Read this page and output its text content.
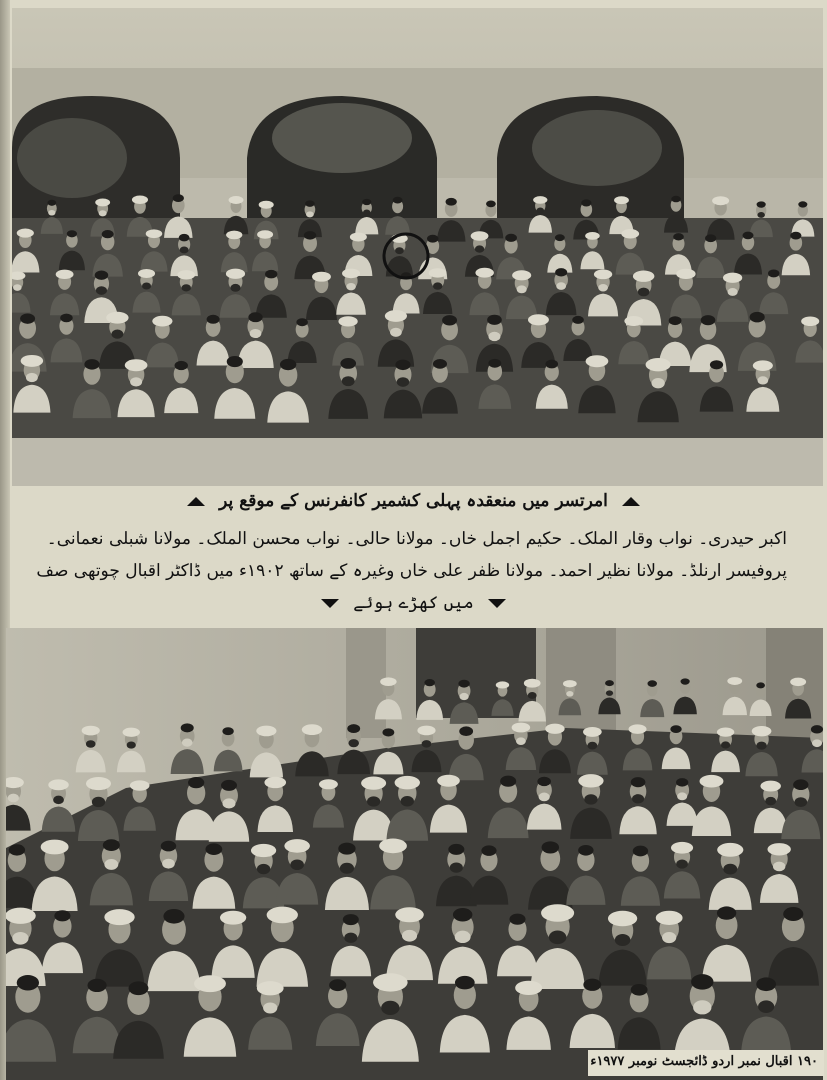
امرتسر میں منعقدہ پہلی کشمیر کانفرنس کے موقع پر
اکبر حیدری۔ نواب وقار الملک۔ حکیم اجمل خاں۔ مولانا حالی۔ نواب محسن الملک۔ مولانا شبلی نعمانی۔
پروفیسر ارنلڈ۔ مولانا نظیر احمد۔ مولانا ظفر علی خاں وغیرہ کے ساتھ ۱۹۰۲ء میں ڈاکٹر اقبال چوتھی صف
میں کھڑے ہوئے
۱۹۰ اقبال نمبر اردو ڈائجسٹ نومبر ۱۹۷۷ء
